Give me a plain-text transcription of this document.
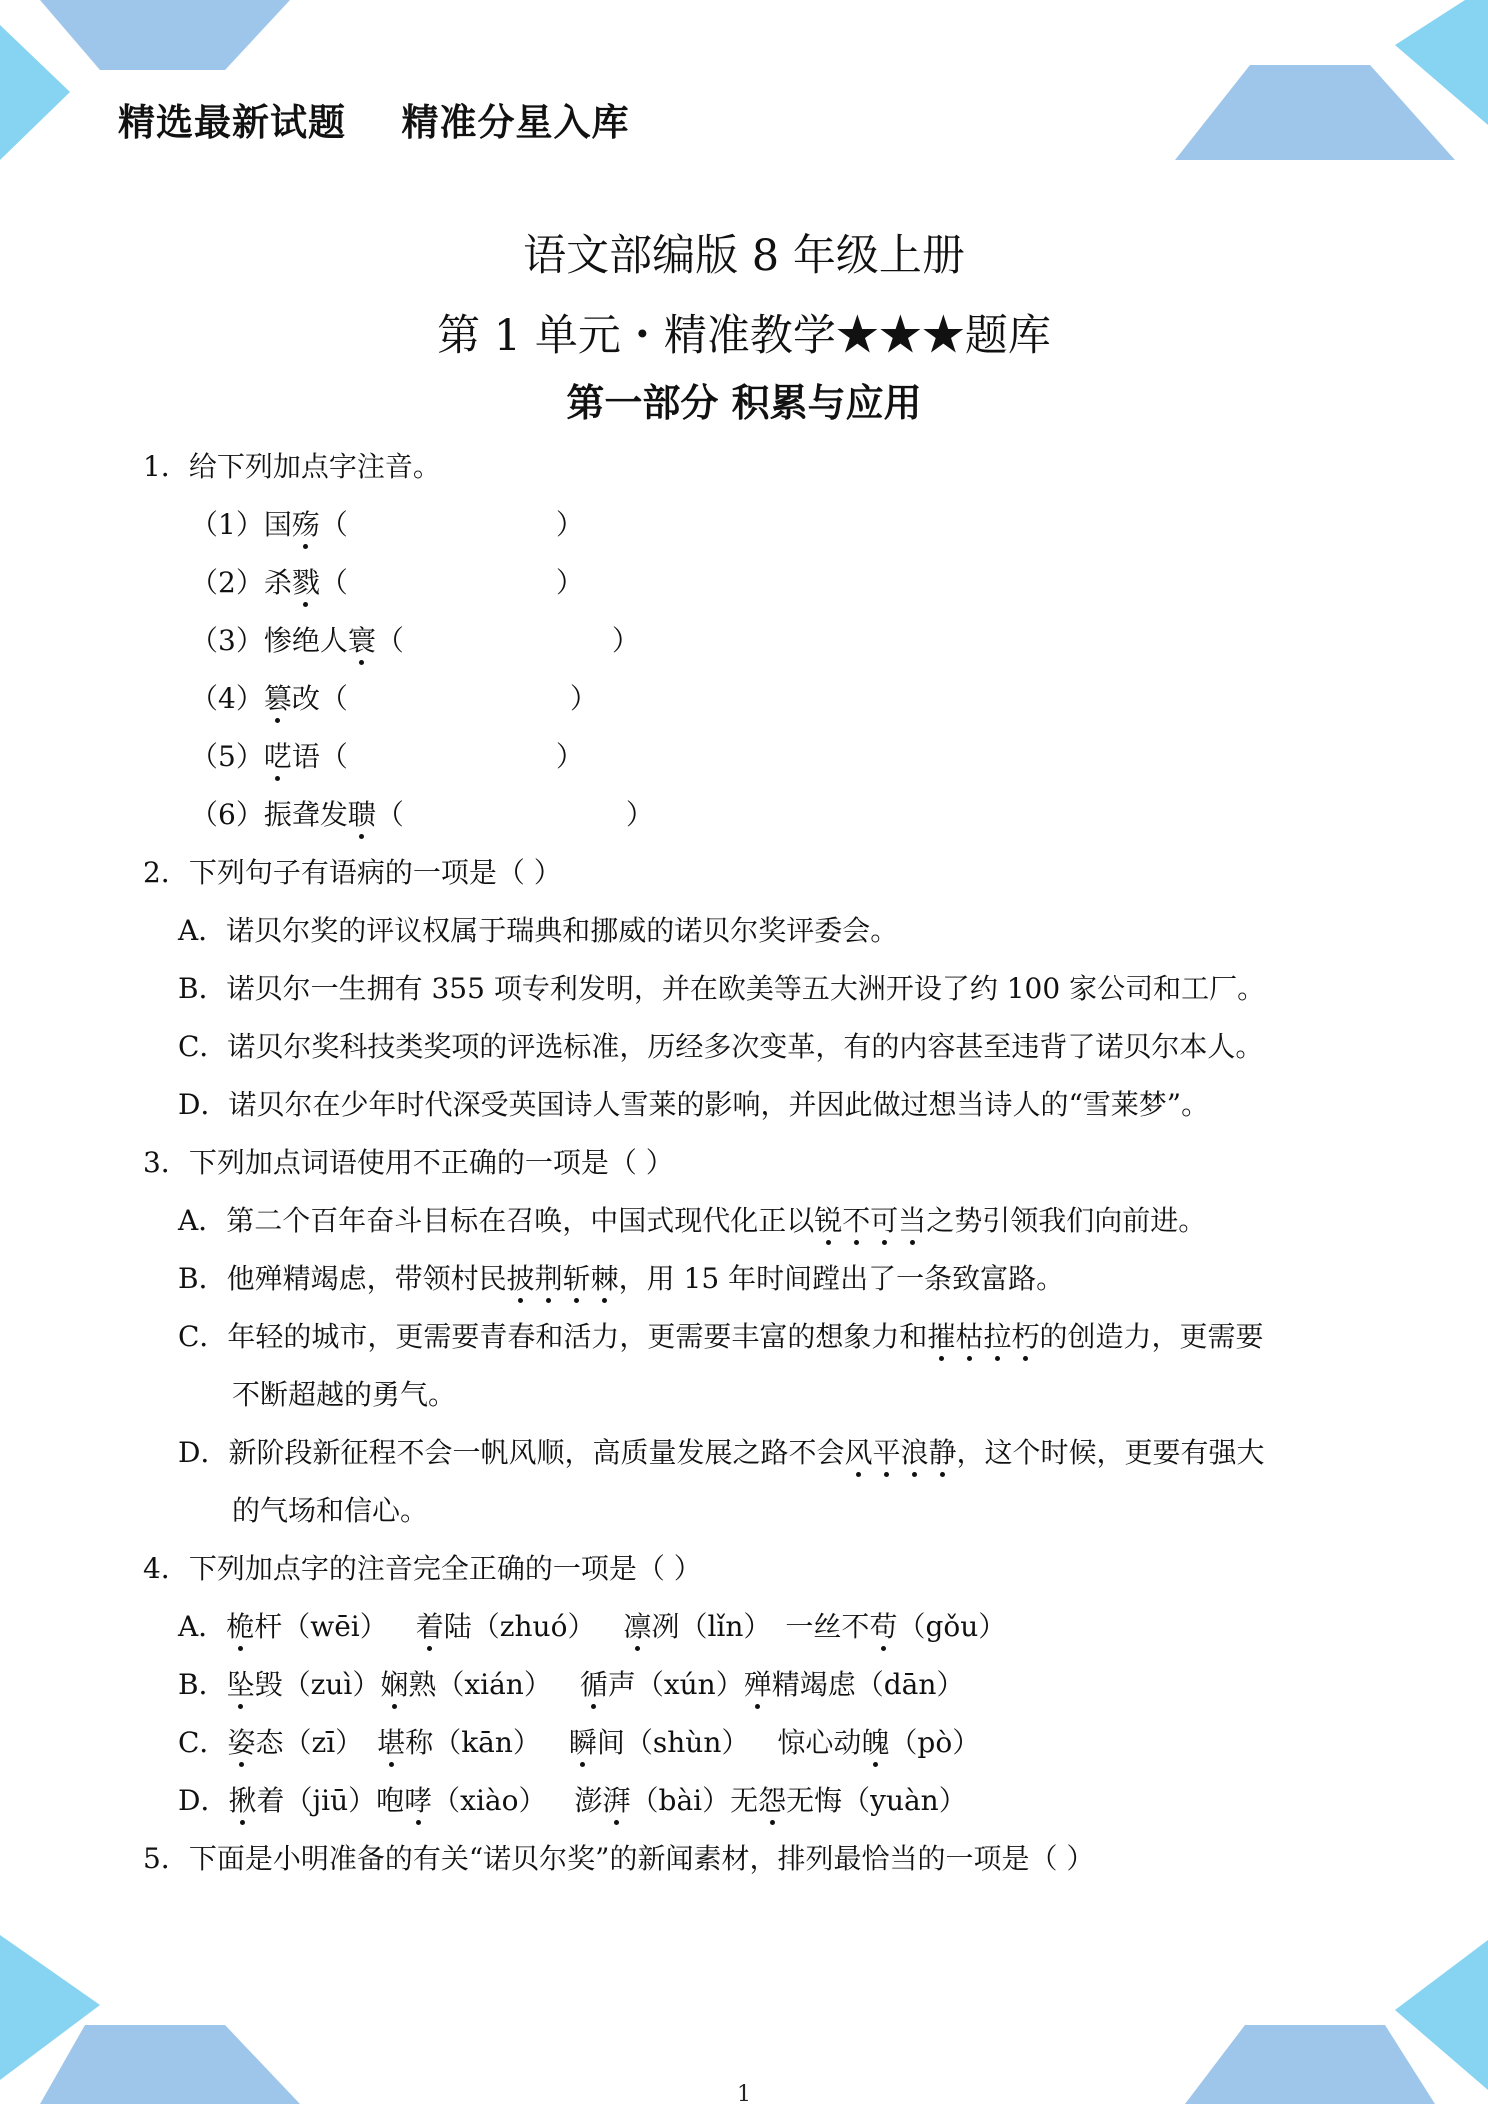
精选最新试题    精准分星入库
语文部编版 8 年级上册
第 1 单元・精准教学★★★题库
第一部分 积累与应用
1．给下列加点字注音。
（1）国殇（	）
（2）杀戮（	）
（3）惨绝人寰（	）
（4）篡改（	）
（5）呓语（	）
（6）振聋发聩（	）
2．下列句子有语病的一项是（ ）
A．诺贝尔奖的评议权属于瑞典和挪威的诺贝尔奖评委会。
B．诺贝尔一生拥有 355 项专利发明，并在欧美等五大洲开设了约 100 家公司和工厂。
C．诺贝尔奖科技类奖项的评选标准，历经多次变革，有的内容甚至违背了诺贝尔本人。
D．诺贝尔在少年时代深受英国诗人雪莱的影响，并因此做过想当诗人的“雪莱梦”。
3．下列加点词语使用不正确的一项是（ ）
A．第二个百年奋斗目标在召唤，中国式现代化正以锐不可当之势引领我们向前进。
B．他殚精竭虑，带领村民披荆斩棘，用 15 年时间蹚出了一条致富路。
C．年轻的城市，更需要青春和活力，更需要丰富的想象力和摧枯拉朽的创造力，更需要
不断超越的勇气。
D．新阶段新征程不会一帆风顺，高质量发展之路不会风平浪静，这个时候，更要有强大
的气场和信心。
4．下列加点字的注音完全正确的一项是（ ）
A．桅杆（wēi） 着陆（zhuó） 凛冽（lǐn） 一丝不苟（gǒu）
B．坠毁（zuì）娴熟（xián） 循声（xún）殚精竭虑（dān）
C．姿态（zī） 堪称（kān） 瞬间（shùn） 惊心动魄（pò）
D．揪着（jiū）咆哮（xiào） 澎湃（bài）无怨无悔（yuàn）
5．下面是小明准备的有关“诺贝尔奖”的新闻素材，排列最恰当的一项是（ ）
1
